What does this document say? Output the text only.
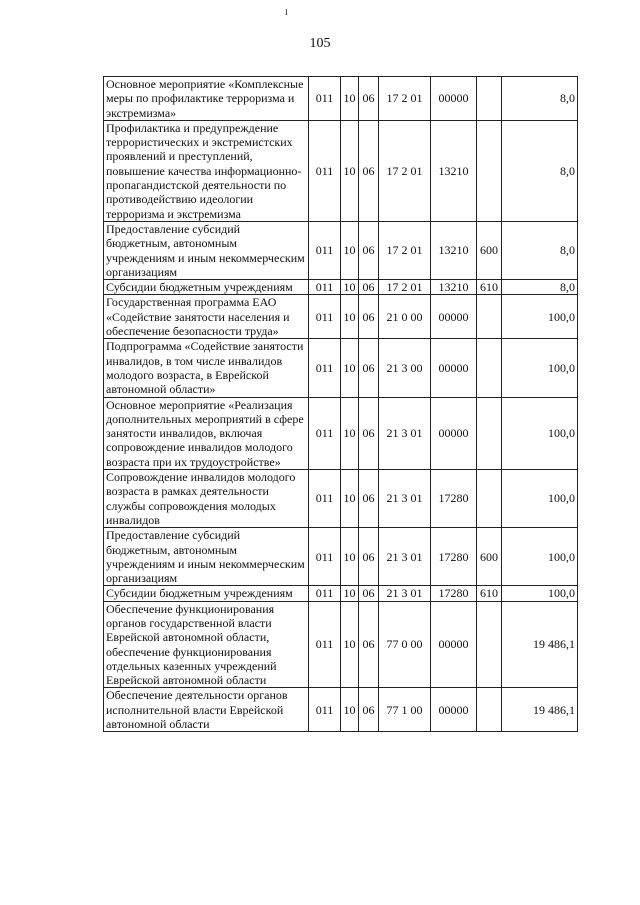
I
105
Основное мероприятие «Комплексные меры по профилактике терроризма и экстремизма»	011	10	06	17 2 01	00000		8,0
Профилактика и предупреждение террористических и экстремистских проявлений и преступлений, повышение качества информационно-пропагандистской деятельности по противодействию идеологии терроризма и экстремизма	011	10	06	17 2 01	13210		8,0
Предоставление субсидий бюджетным, автономным учреждениям и иным некоммерческим организациям	011	10	06	17 2 01	13210	600	8,0
Субсидии бюджетным учреждениям	011	10	06	17 2 01	13210	610	8,0
Государственная программа ЕАО «Содействие занятости населения и обеспечение безопасности труда»	011	10	06	21 0 00	00000		100,0
Подпрограмма «Содействие занятости инвалидов, в том числе инвалидов молодого возраста, в Еврейской автономной области»	011	10	06	21 3 00	00000		100,0
Основное мероприятие «Реализация дополнительных мероприятий в сфере занятости инвалидов, включая сопровождение инвалидов молодого возраста при их трудоустройстве»	011	10	06	21 3 01	00000		100,0
Сопровождение инвалидов молодого возраста в рамках деятельности службы сопровождения молодых инвалидов	011	10	06	21 3 01	17280		100,0
Предоставление субсидий бюджетным, автономным учреждениям и иным некоммерческим организациям	011	10	06	21 3 01	17280	600	100,0
Субсидии бюджетным учреждениям	011	10	06	21 3 01	17280	610	100,0
Обеспечение функционирования органов государственной власти Еврейской автономной области, обеспечение функционирования отдельных казенных учреждений Еврейской автономной области	011	10	06	77 0 00	00000		19 486,1
Обеспечение деятельности органов исполнительной власти Еврейской автономной области	011	10	06	77 1 00	00000		19 486,1
